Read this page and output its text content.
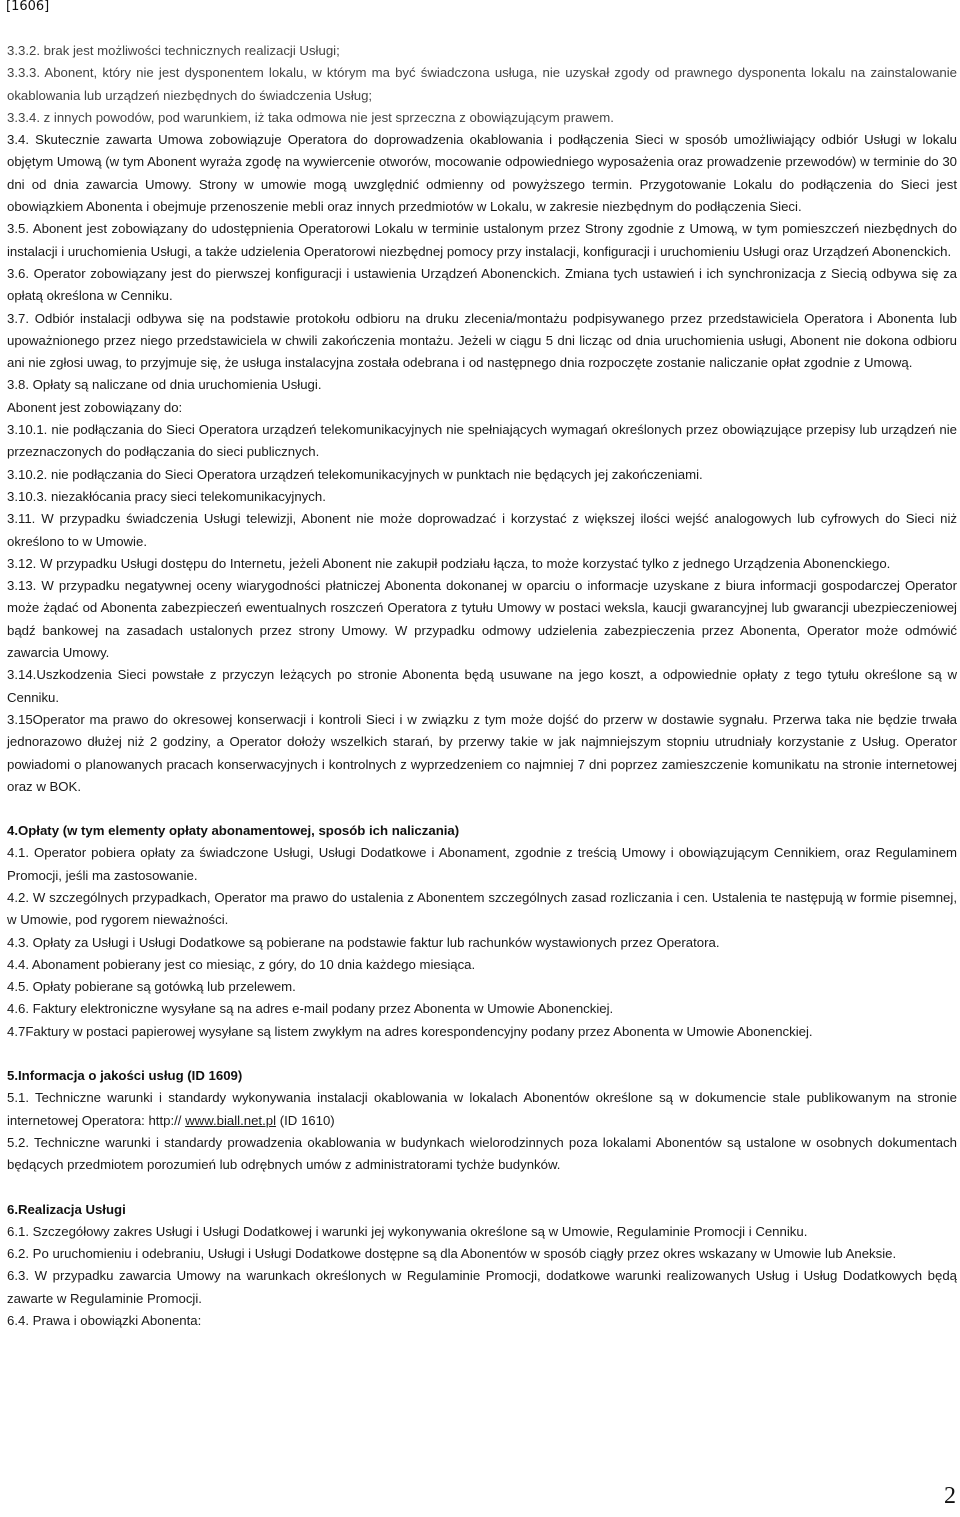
[1606]

3.3.2. brak jest możliwości technicznych realizacji Usługi;

3.3.3. Abonent, który nie jest dysponentem lokalu, w którym ma być świadczona usługa, nie uzyskał zgody od prawnego dysponenta lokalu na zainstalowanie okablowania lub urządzeń niezbędnych do świadczenia Usług;

3.3.4. z innych powodów, pod warunkiem, iż taka odmowa nie jest sprzeczna z obowiązującym prawem.

3.4. Skutecznie zawarta Umowa zobowiązuje Operatora do doprowadzenia okablowania i podłączenia Sieci w sposób umożliwiający odbiór Usługi w lokalu objętym Umową (w tym Abonent wyraża zgodę na wywiercenie otworów, mocowanie odpowiedniego wyposażenia oraz prowadzenie przewodów) w terminie do 30 dni od dnia zawarcia Umowy. Strony w umowie mogą uwzględnić odmienny od powyższego termin. Przygotowanie Lokalu do podłączenia do Sieci jest obowiązkiem Abonenta i obejmuje przenoszenie mebli oraz innych przedmiotów w Lokalu, w zakresie niezbędnym do podłączenia Sieci.

3.5. Abonent jest zobowiązany do udostępnienia Operatorowi Lokalu w terminie ustalonym przez Strony zgodnie z Umową, w tym pomieszczeń niezbędnych do instalacji i uruchomienia Usługi, a także udzielenia Operatorowi niezbędnej pomocy przy instalacji, konfiguracji i uruchomieniu Usługi oraz Urządzeń Abonenckich.

3.6. Operator zobowiązany jest do pierwszej konfiguracji i ustawienia Urządzeń Abonenckich. Zmiana tych ustawień i ich synchronizacja z Siecią odbywa się za opłatą określona w Cenniku.

3.7. Odbiór instalacji odbywa się na podstawie protokołu odbioru na druku zlecenia/montażu podpisywanego przez przedstawiciela Operatora i Abonenta lub upoważnionego przez niego przedstawiciela w chwili zakończenia montażu. Jeżeli w ciągu 5 dni licząc od dnia uruchomienia usługi, Abonent nie dokona odbioru ani nie zgłosi uwag, to przyjmuje się, że usługa instalacyjna została odebrana i od następnego dnia rozpoczęte zostanie naliczanie opłat zgodnie z Umową.

3.8. Opłaty są naliczane od dnia uruchomienia Usługi.

Abonent jest zobowiązany do:

3.10.1. nie podłączania do Sieci Operatora urządzeń telekomunikacyjnych nie spełniających wymagań określonych przez obowiązujące przepisy lub urządzeń nie przeznaczonych do podłączania do sieci publicznych.

3.10.2. nie podłączania do Sieci Operatora urządzeń telekomunikacyjnych w punktach nie będących jej zakończeniami.

3.10.3. niezakłócania pracy sieci telekomunikacyjnych.

3.11. W przypadku świadczenia Usługi telewizji, Abonent nie może doprowadzać i korzystać z większej ilości wejść analogowych lub cyfrowych do Sieci niż określono to w Umowie.

3.12. W przypadku Usługi dostępu do Internetu, jeżeli Abonent nie zakupił podziału łącza, to może korzystać tylko z jednego Urządzenia Abonenckiego.

3.13. W przypadku negatywnej oceny wiarygodności płatniczej Abonenta dokonanej w oparciu o informacje uzyskane z biura informacji gospodarczej Operator może żądać od Abonenta zabezpieczeń ewentualnych roszczeń Operatora z tytułu Umowy w postaci weksla, kaucji gwarancyjnej lub gwarancji ubezpieczeniowej bądź bankowej na zasadach ustalonych przez strony Umowy. W przypadku odmowy udzielenia zabezpieczenia przez Abonenta, Operator może odmówić zawarcia Umowy.

3.14.Uszkodzenia Sieci powstałe z przyczyn leżących po stronie Abonenta będą usuwane na jego koszt, a odpowiednie opłaty z tego tytułu określone są w Cenniku.

3.15Operator ma prawo do okresowej konserwacji i kontroli Sieci i w związku z tym może dojść do przerw w dostawie sygnału. Przerwa taka nie będzie trwała jednorazowo dłużej niż 2 godziny, a Operator dołoży wszelkich starań, by przerwy takie w jak najmniejszym stopniu utrudniały korzystanie z Usług. Operator powiadomi o planowanych pracach konserwacyjnych i kontrolnych z wyprzedzeniem co najmniej 7 dni poprzez zamieszczenie komunikatu na stronie internetowej oraz w BOK.

4.Opłaty (w tym elementy opłaty abonamentowej, sposób ich naliczania)

4.1. Operator pobiera opłaty za świadczone Usługi, Usługi Dodatkowe i Abonament, zgodnie z treścią Umowy i obowiązującym Cennikiem, oraz Regulaminem Promocji, jeśli ma zastosowanie.

4.2. W szczególnych przypadkach, Operator ma prawo do ustalenia z Abonentem szczególnych zasad rozliczania i cen. Ustalenia te następują w formie pisemnej, w Umowie, pod rygorem nieważności.

4.3. Opłaty za Usługi i Usługi Dodatkowe są pobierane na podstawie faktur lub rachunków wystawionych przez Operatora.

4.4. Abonament pobierany jest co miesiąc, z góry, do 10 dnia każdego miesiąca.

4.5. Opłaty pobierane są gotówką lub przelewem.

4.6. Faktury elektroniczne wysyłane są na adres e-mail podany przez Abonenta w Umowie Abonenckiej.

4.7Faktury w postaci papierowej wysyłane są listem zwykłym na adres korespondencyjny podany przez Abonenta w Umowie Abonenckiej.

5.Informacja o jakości usług (ID 1609)

5.1. Techniczne warunki i standardy wykonywania instalacji okablowania w lokalach Abonentów określone są w dokumencie stale publikowanym na stronie internetowej Operatora: http:// www.biall.net.pl (ID 1610)

5.2. Techniczne warunki i standardy prowadzenia okablowania w budynkach wielorodzinnych poza lokalami Abonentów są ustalone w osobnych dokumentach będących przedmiotem porozumień lub odrębnych umów z administratorami tychże budynków.

6.Realizacja Usługi

6.1. Szczegółowy zakres Usługi i Usługi Dodatkowej i warunki jej wykonywania określone są w Umowie, Regulaminie Promocji i Cenniku.

6.2. Po uruchomieniu i odebraniu, Usługi i Usługi Dodatkowe dostępne są dla Abonentów w sposób ciągły przez okres wskazany w Umowie lub Aneksie.

6.3. W przypadku zawarcia Umowy na warunkach określonych w Regulaminie Promocji, dodatkowe warunki realizowanych Usług i Usług Dodatkowych będą zawarte w Regulaminie Promocji.

6.4. Prawa i obowiązki Abonenta:

2
